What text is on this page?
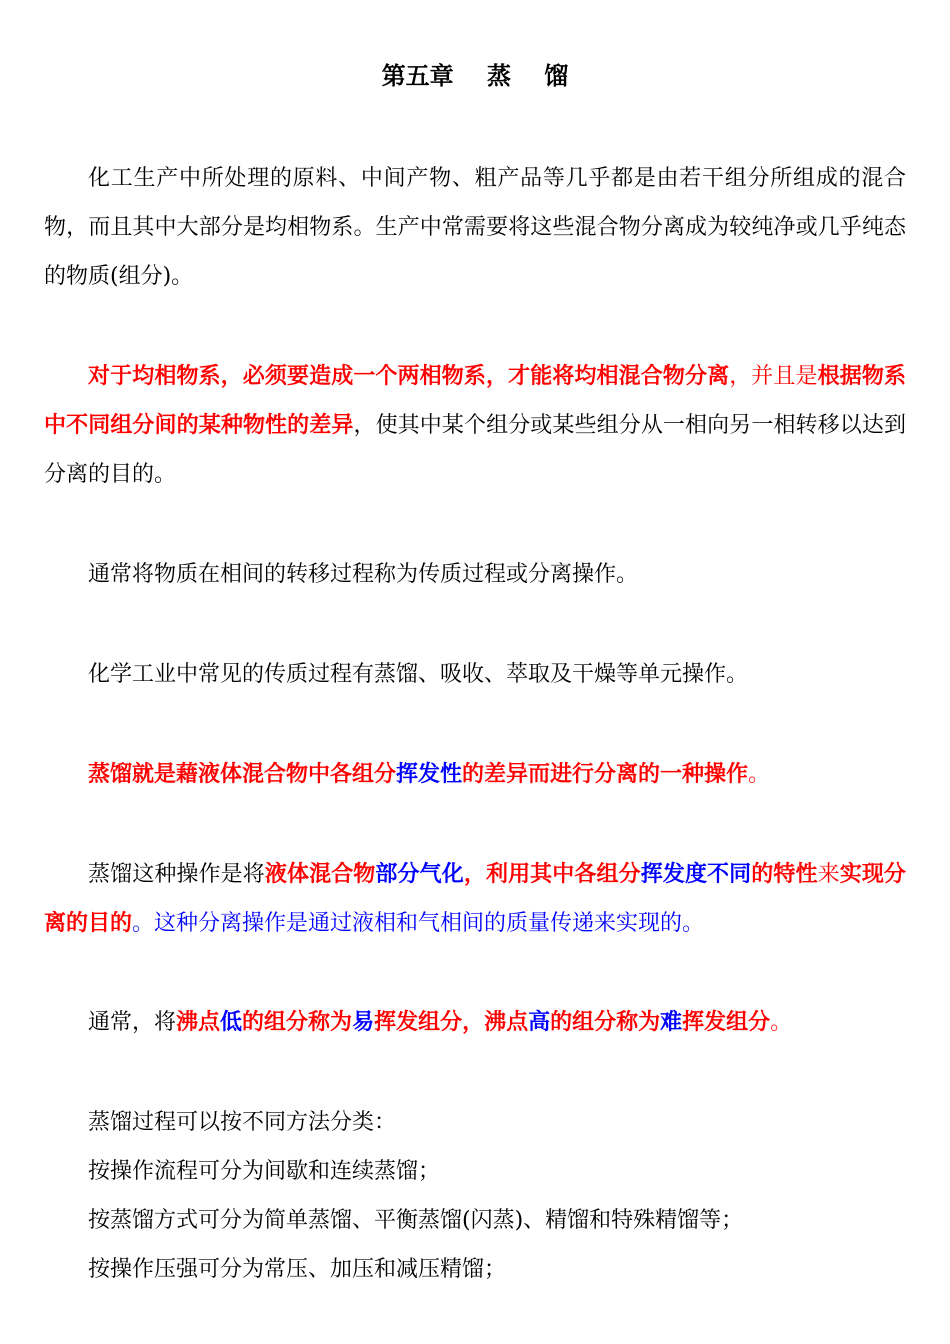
第五章    蒸    馏

化工生产中所处理的原料、中间产物、粗产品等几乎都是由若干组分所组成的混合物，而且其中大部分是均相物系。生产中常需要将这些混合物分离成为较纯净或几乎纯态的物质(组分)。

对于均相物系，必须要造成一个两相物系，才能将均相混合物分离，并且是根据物系中不同组分间的某种物性的差异，使其中某个组分或某些组分从一相向另一相转移以达到分离的目的。

通常将物质在相间的转移过程称为传质过程或分离操作。

化学工业中常见的传质过程有蒸馏、吸收、萃取及干燥等单元操作。

蒸馏就是藉液体混合物中各组分挥发性的差异而进行分离的一种操作。

蒸馏这种操作是将液体混合物部分气化，利用其中各组分挥发度不同的特性来实现分离的目的。这种分离操作是通过液相和气相间的质量传递来实现的。

通常，将沸点低的组分称为易挥发组分，沸点高的组分称为难挥发组分。

蒸馏过程可以按不同方法分类：

按操作流程可分为间歇和连续蒸馏；

按蒸馏方式可分为简单蒸馏、平衡蒸馏(闪蒸)、精馏和特殊精馏等；

按操作压强可分为常压、加压和减压精馏；
